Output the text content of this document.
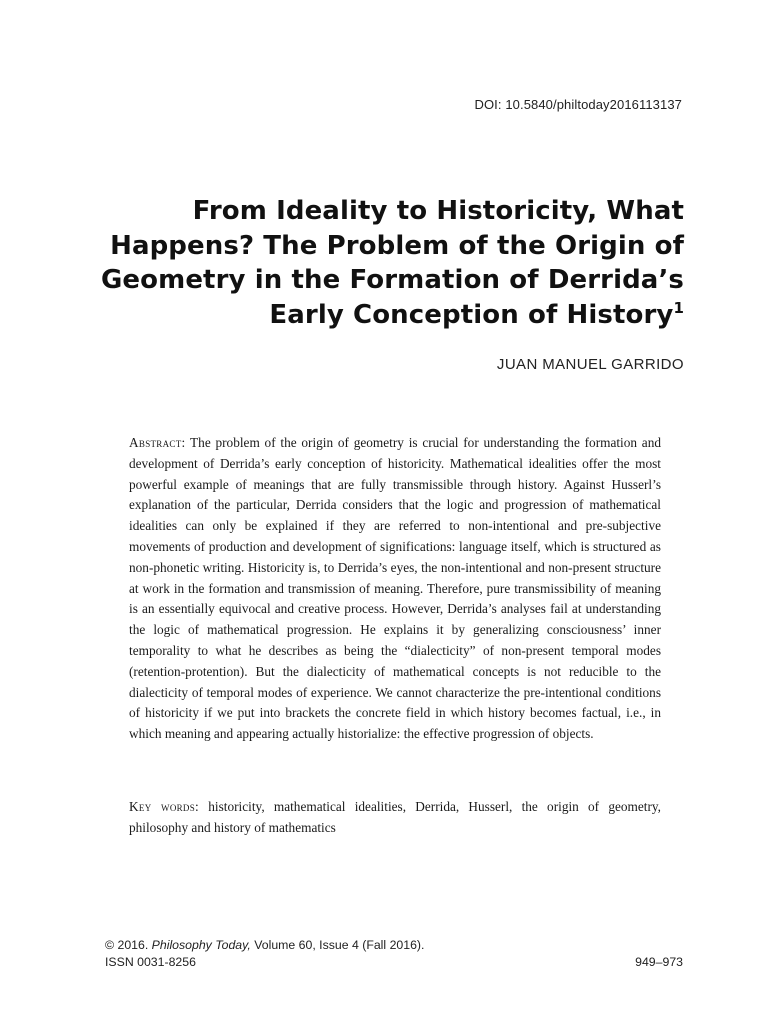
DOI: 10.5840/philtoday2016113137
From Ideality to Historicity, What
Happens? The Problem of the Origin of
Geometry in the Formation of Derrida’s
Early Conception of History$^1$
JUAN MANUEL GARRIDO

Abstract: The problem of the origin of geometry is crucial for understanding the formation and development of Derrida’s early conception of historicity. Mathematical idealities offer the most powerful example of meanings that are fully transmissible through history. Against Husserl’s explanation of the particular, Derrida considers that the logic and progression of mathematical idealities can only be explained if they are referred to non-intentional and pre-subjective movements of production and development of significations: language itself, which is structured as non-phonetic writing. Historicity is, to Derrida’s eyes, the non-intentional and non-present structure at work in the formation and transmission of meaning. Therefore, pure transmissibility of meaning is an essentially equivocal and creative process. However, Derrida’s analyses fail at understanding the logic of mathematical progression. He explains it by generalizing consciousness’ inner temporality to what he describes as being the “dialecticity” of non-present temporal modes (retention-protention). But the dialecticity of mathematical concepts is not reducible to the dialecticity of temporal modes of experience. We cannot characterize the pre-intentional conditions of historicity if we put into brackets the concrete field in which history becomes factual, i.e., in which meaning and appearing actually historialize: the effective progression of objects.

Key words: historicity, mathematical idealities, Derrida, Husserl, the origin of geometry, philosophy and history of mathematics

© 2016. Philosophy Today, Volume 60, Issue 4 (Fall 2016).
ISSN 0031-8256	949–973
